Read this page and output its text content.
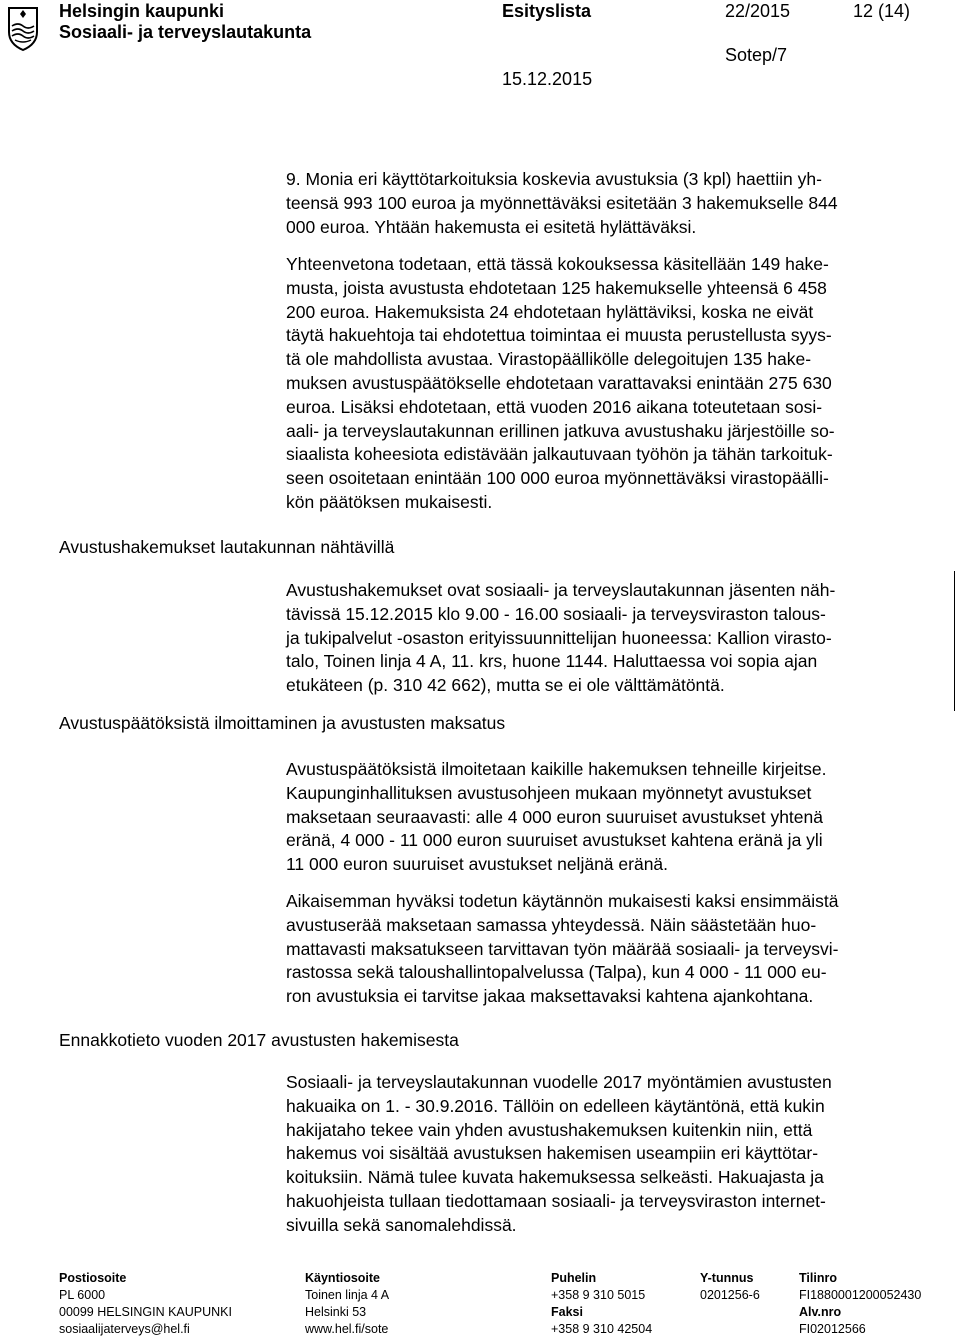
Helsingin kaupunki
Sosiaali- ja terveyslautakunta
Esityslista	22/2015	12 (14)
Sotep/7
15.12.2015
Avustushakemukset lautakunnan nähtävillä
Avustuspäätöksistä ilmoittaminen ja avustusten maksatus
Ennakkotieto vuoden 2017 avustusten hakemisesta
9. Monia eri käyttötarkoituksia koskevia avustuksia (3 kpl) haettiin yh-
teensä 993 100 euroa ja myönnettäväksi esitetään 3 hakemukselle 844
000 euroa. Yhtään hakemusta ei esitetä hylättäväksi.
Yhteenvetona todetaan, että tässä kokouksessa käsitellään 149 hake-
musta, joista avustusta ehdotetaan 125 hakemukselle yhteensä 6 458
200 euroa. Hakemuksista 24 ehdotetaan hylättäviksi, koska ne eivät
täytä hakuehtoja tai ehdotettua toimintaa ei muusta perustellusta syys-
tä ole mahdollista avustaa. Virastopäällikölle delegoitujen 135 hake-
muksen avustuspäätökselle ehdotetaan varattavaksi enintään 275 630
euroa. Lisäksi ehdotetaan, että vuoden 2016 aikana toteutetaan sosi-
aali- ja terveyslautakunnan erillinen jatkuva avustushaku järjestöille so-
siaalista koheesiota edistävään jalkautuvaan työhön ja tähän tarkoituk-
seen osoitetaan enintään 100 000 euroa myönnettäväksi virastopäälli-
kön päätöksen mukaisesti.
Avustushakemukset ovat sosiaali- ja terveyslautakunnan jäsenten näh-
tävissä 15.12.2015 klo 9.00 - 16.00 sosiaali- ja terveysviraston talous-
ja tukipalvelut -osaston erityissuunnittelijan huoneessa: Kallion virasto-
talo, Toinen linja 4 A, 11. krs, huone 1144. Haluttaessa voi sopia ajan
etukäteen (p. 310 42 662), mutta se ei ole välttämätöntä.
Avustuspäätöksistä ilmoitetaan kaikille hakemuksen tehneille kirjeitse.
Kaupunginhallituksen avustusohjeen mukaan myönnetyt avustukset
maksetaan seuraavasti: alle 4 000 euron suuruiset avustukset yhtenä
eränä, 4 000 - 11 000 euron suuruiset avustukset kahtena eränä ja yli
11 000 euron suuruiset avustukset neljänä eränä.
Aikaisemman hyväksi todetun käytännön mukaisesti kaksi ensimmäistä
avustuserää maksetaan samassa yhteydessä. Näin säästetään huo-
mattavasti maksatukseen tarvittavan työn määrää sosiaali- ja terveysvi-
rastossa sekä taloushallintopalvelussa (Talpa), kun 4 000 - 11 000 eu-
ron avustuksia ei tarvitse jakaa maksettavaksi kahtena ajankohtana.
Sosiaali- ja terveyslautakunnan vuodelle 2017 myöntämien avustusten
hakuaika on 1. - 30.9.2016. Tällöin on edelleen käytäntönä, että kukin
hakijataho tekee vain yhden avustushakemuksen kuitenkin niin, että
hakemus voi sisältää avustuksen hakemisen useampiin eri käyttötar-
koituksiin. Nämä tulee kuvata hakemuksessa selkeästi. Hakuajasta ja
hakuohjeista tullaan tiedottamaan sosiaali- ja terveysviraston internet-
sivuilla sekä sanomalehdissä.
Postiosoite
PL 6000
00099 HELSINGIN KAUPUNKI
sosiaalijaterveys@hel.fi
Käyntiosoite
Toinen linja 4 A
Helsinki 53
www.hel.fi/sote
Puhelin
+358 9 310 5015
Faksi
+358 9 310 42504
Y-tunnus
0201256-6
Tilinro
FI1880001200052430
Alv.nro
FI02012566
